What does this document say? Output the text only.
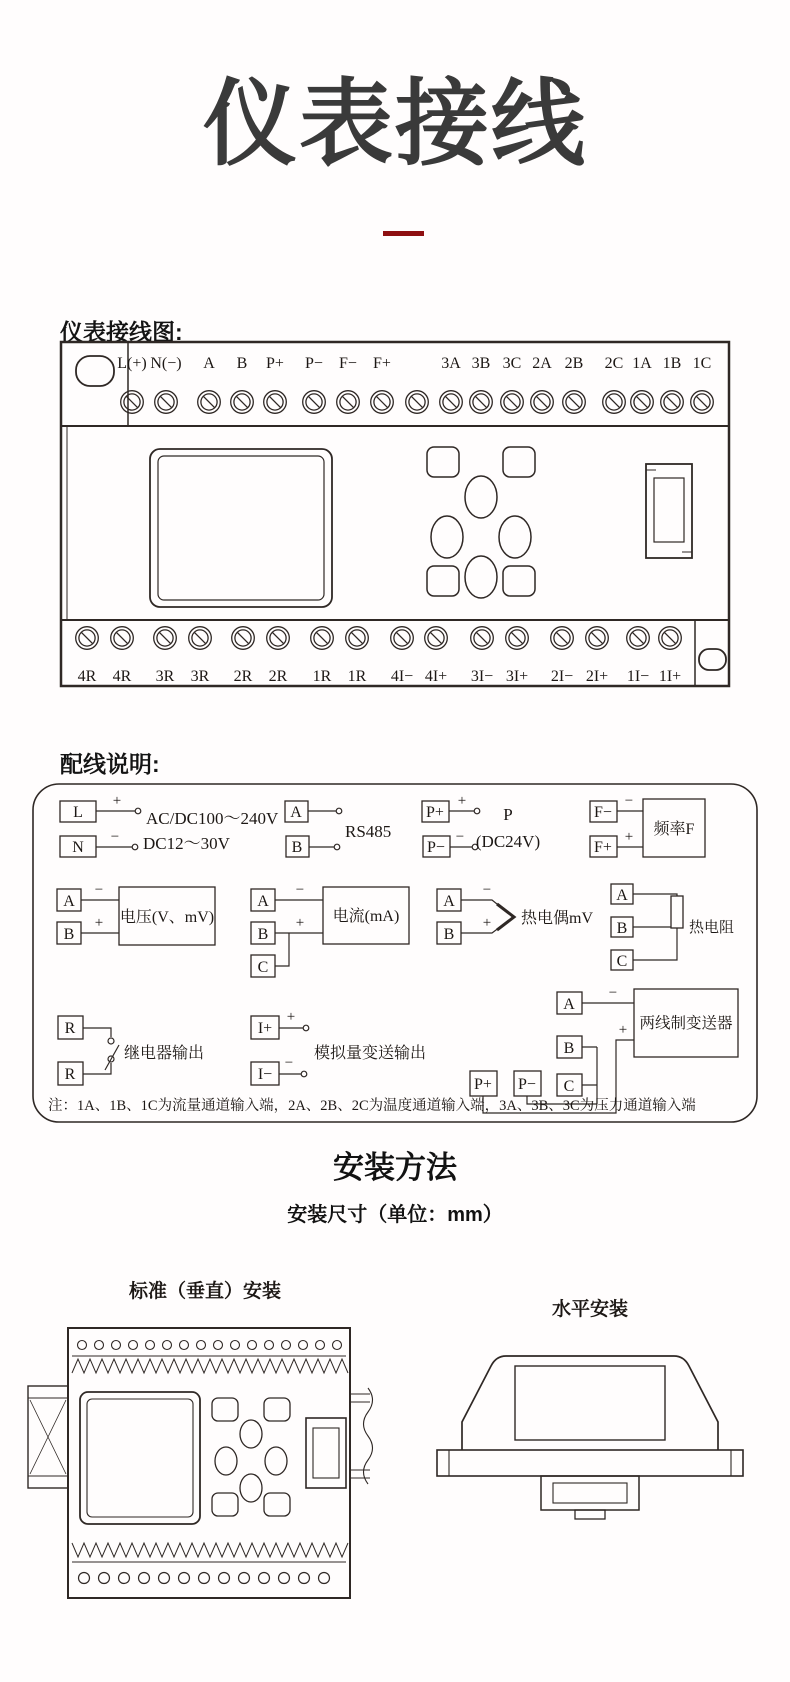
仪表接线
仪表接线图:
L(+) N(−) A B P+ P− F− F+	3A 3B 3C 2A 2B 2C 1A 1B 1C
4R 4R 3R 3R 2R 2R 1R 1R 4I− 4I+ 3I− 3I+ 2I− 2I+ 1I− 1I+
配线说明:
L
N
+
−
AC/DC100～240V
DC12～30V
A
B
RS485
P+
P−
+
−
P
(DC24V)
F−
F+
频率F
−
+
A
B
电压(V、mV)
−
+
A
B
C
电流(mA)
−
+
A
B
−
+ 热电偶mV
A
B
C
热电阻
R
R
继电器输出
I+
I−
+
−
模拟量变送输出
A
B
C
P+ P−
两线制变送器
−
+
注：1A、1B、1C为流量通道输入端，2A、2B、2C为温度通道输入端，3A、3B、3C为压力通道输入端
安装方法
安装尺寸（单位：mm）
标准（垂直）安装
水平安装
